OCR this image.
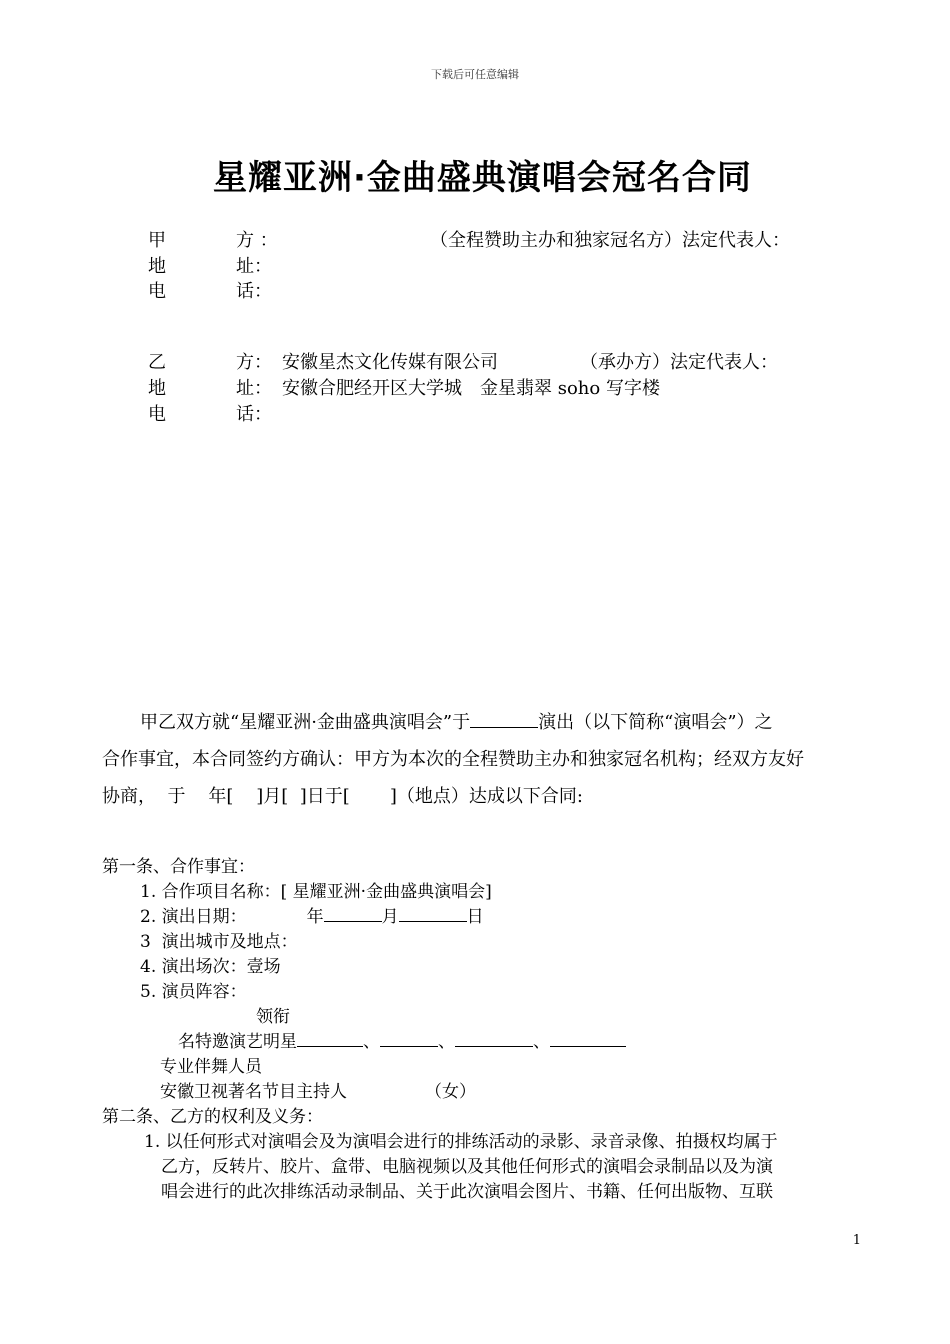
下载后可任意编辑
星耀亚洲·金曲盛典演唱会冠名合同
甲	方 ：	（全程赞助主办和独家冠名方）法定代表人：
地	址：
电	话：
乙	方： 安徽星杰文化传媒有限公司	（承办方）法定代表人：
地	址： 安徽合肥经开区大学城　金星翡翠 soho 写字楼
电	话：
甲乙双方就“星耀亚洲·金曲盛典演唱会”于	演出（以下简称“演唱会”）之
合作事宜，本合同签约方确认：甲方为本次的全程赞助主办和独家冠名机构；经双方友好
协商，  于    年[    ]月[  ]日于[       ]（地点）达成以下合同:
第一条、合作事宜：
1. 合作项目名称：[ 星耀亚洲·金曲盛典演唱会]
2. 演出日期：	年	月	日
3  演出城市及地点：
4. 演出场次：壹场
5. 演员阵容：
领衔
名特邀演艺明星	、	、	、
专业伴舞人员
安徽卫视著名节目主持人	（女）
第二条、乙方的权利及义务：
1. 以任何形式对演唱会及为演唱会进行的排练活动的录影、录音录像、拍摄权均属于
乙方，反转片、胶片、盒带、电脑视频以及其他任何形式的演唱会录制品以及为演
唱会进行的此次排练活动录制品、关于此次演唱会图片、书籍、任何出版物、互联
1
